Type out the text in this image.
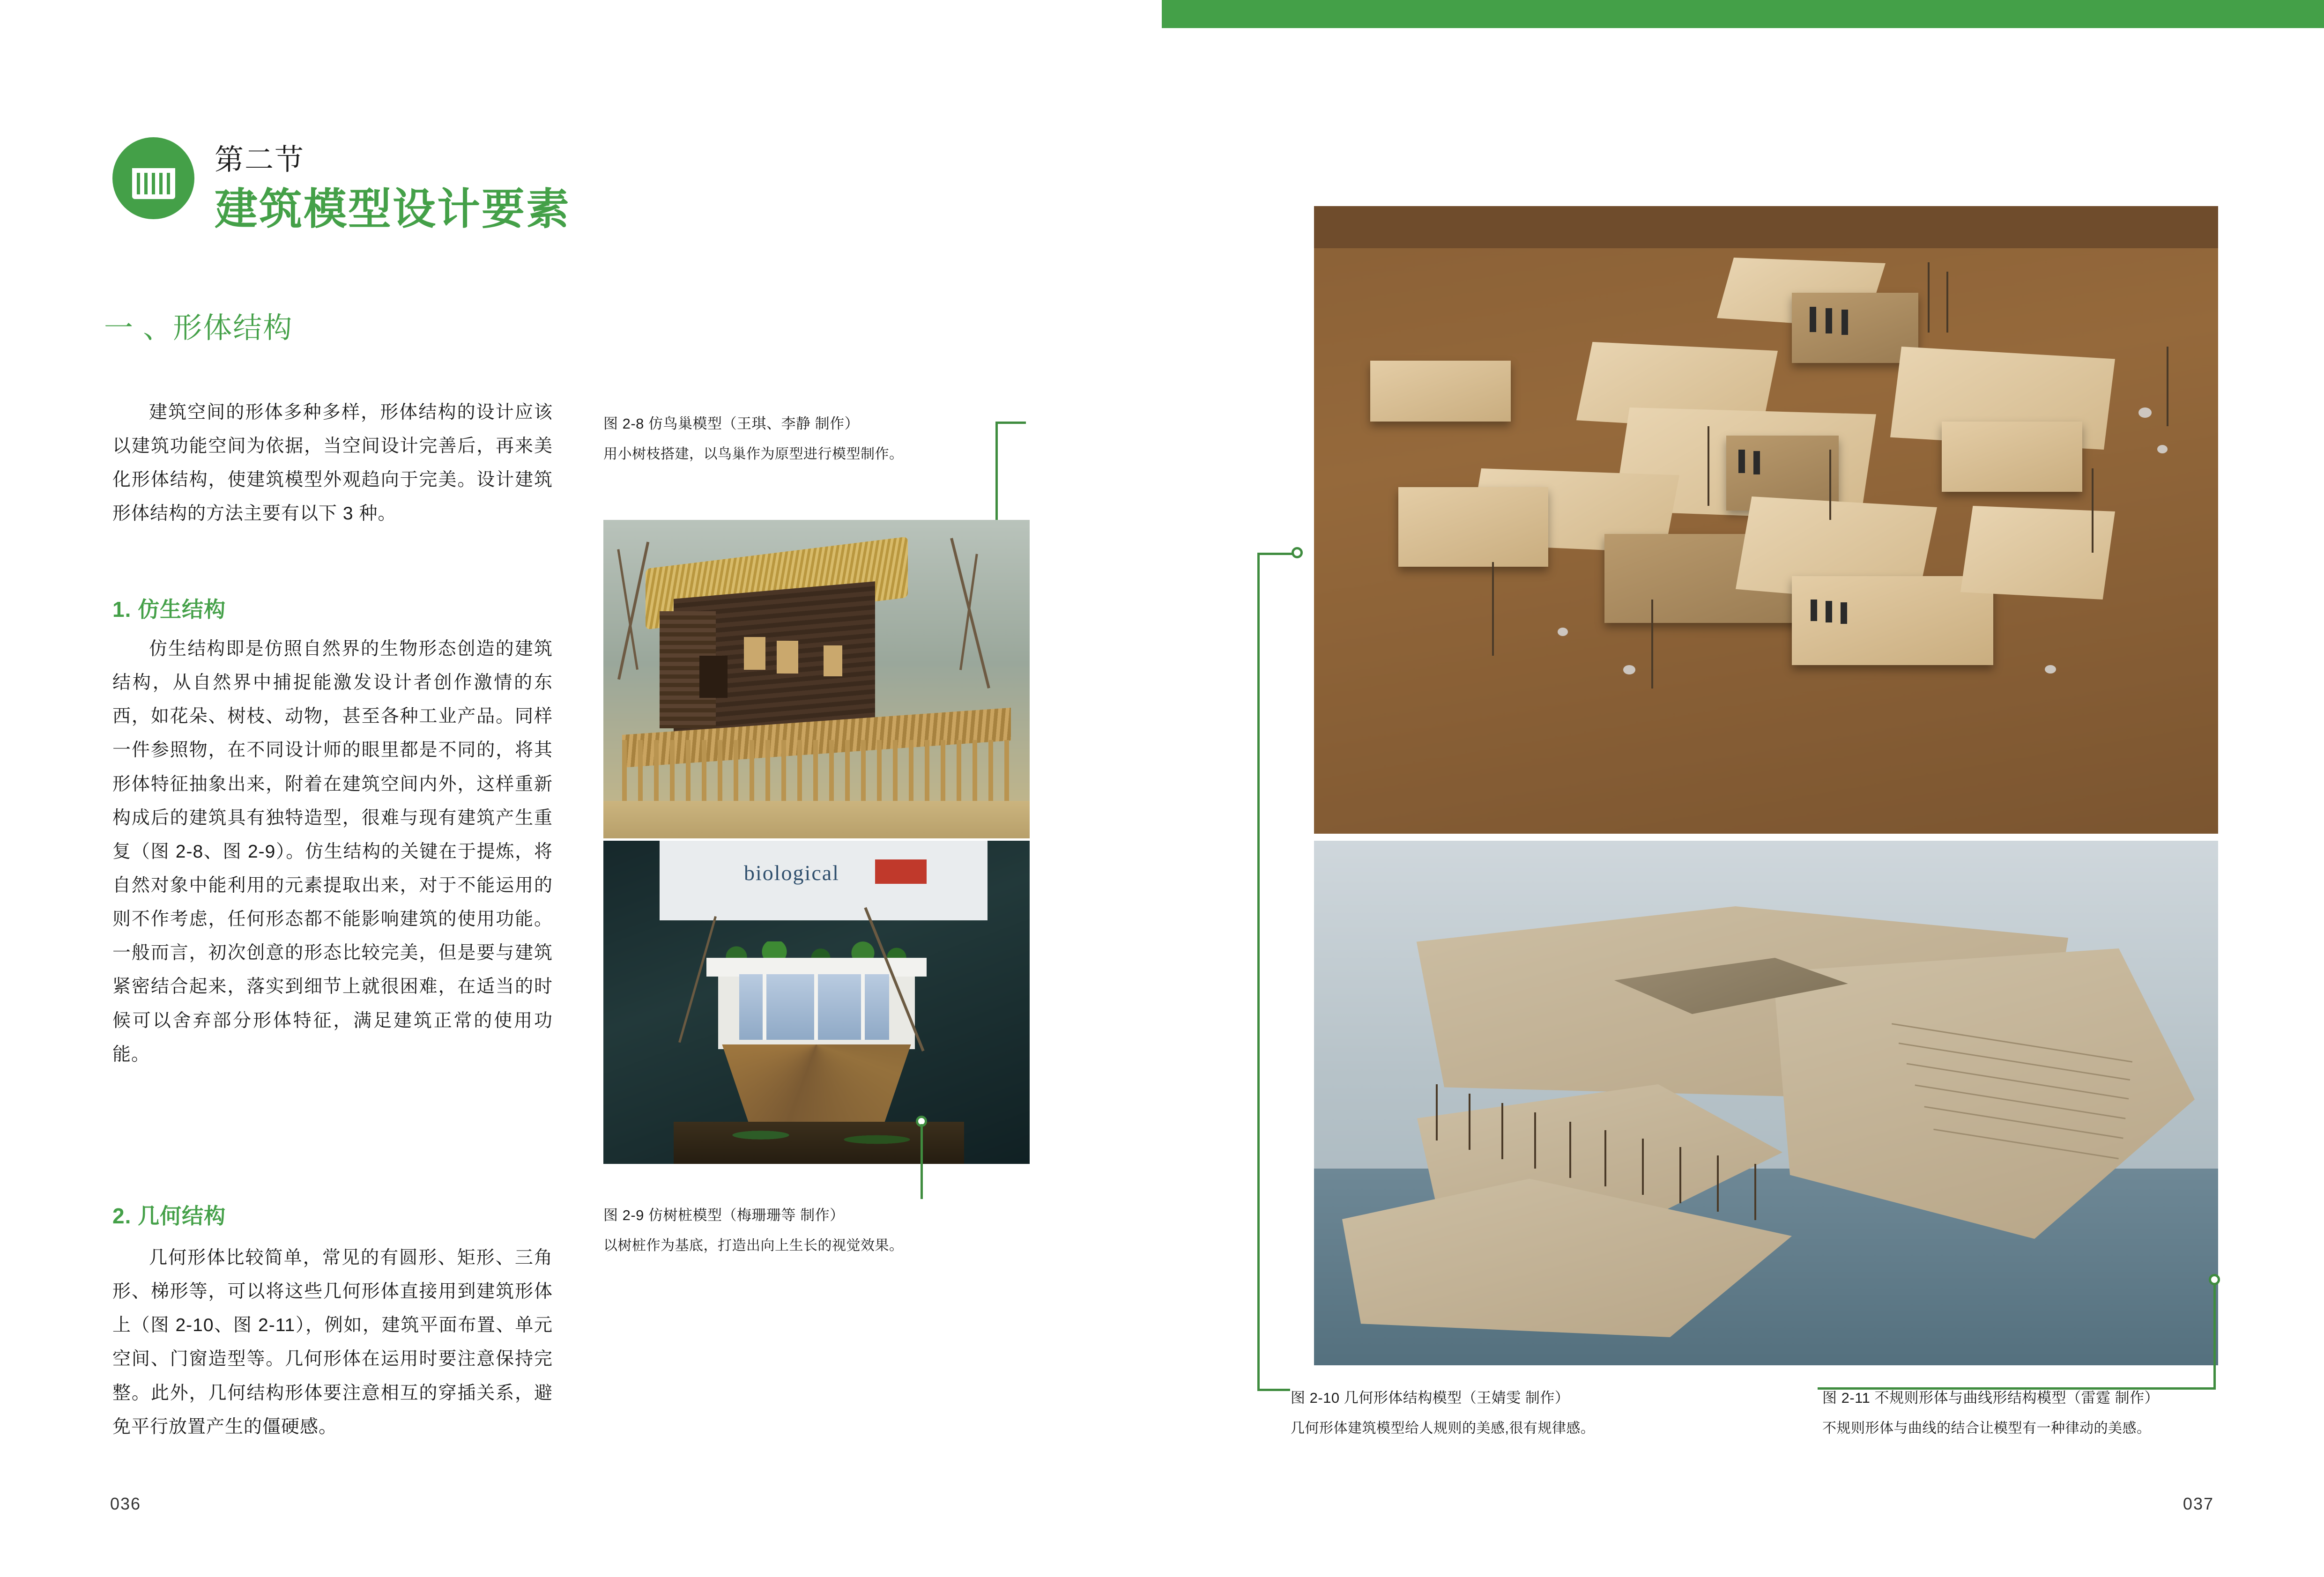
第二节
建筑模型设计要素
一 、形体结构
建筑空间的形体多种多样，形体结构的设计应该以建筑功能空间为依据，当空间设计完善后，再来美化形体结构，使建筑模型外观趋向于完美。设计建筑形体结构的方法主要有以下 3 种。
1. 仿生结构
仿生结构即是仿照自然界的生物形态创造的建筑结构，从自然界中捕捉能激发设计者创作激情的东西，如花朵、树枝、动物，甚至各种工业产品。同样一件参照物，在不同设计师的眼里都是不同的，将其形体特征抽象出来，附着在建筑空间内外，这样重新构成后的建筑具有独特造型，很难与现有建筑产生重复（图 2-8、图 2-9）。仿生结构的关键在于提炼，将自然对象中能利用的元素提取出来，对于不能运用的则不作考虑，任何形态都不能影响建筑的使用功能。一般而言，初次创意的形态比较完美，但是要与建筑紧密结合起来，落实到细节上就很困难，在适当的时候可以舍弃部分形体特征，满足建筑正常的使用功能。
2. 几何结构
几何形体比较简单，常见的有圆形、矩形、三角形、梯形等，可以将这些几何形体直接用到建筑形体上（图 2-10、图 2-11），例如，建筑平面布置、单元空间、门窗造型等。几何形体在运用时要注意保持完整。此外，几何结构形体要注意相互的穿插关系，避免平行放置产生的僵硬感。
图 2-8 仿鸟巢模型（王琪、李静 制作）
用小树枝搭建，以鸟巢作为原型进行模型制作。
biological
图 2-9 仿树桩模型（梅珊珊等 制作）
以树桩作为基底，打造出向上生长的视觉效果。
036
图 2-10 几何形体结构模型（王婧雯 制作）
几何形体建筑模型给人规则的美感,很有规律感。
图 2-11 不规则形体与曲线形结构模型（雷霆 制作）
不规则形体与曲线的结合让模型有一种律动的美感。
037
